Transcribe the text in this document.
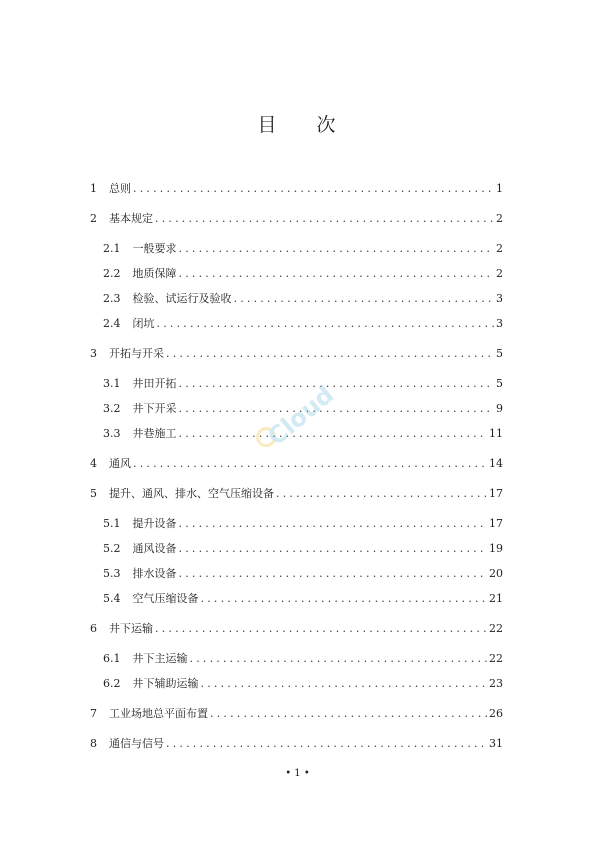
目 次
1 总则 .....	1
2 基本规定 .....	2
2.1 一般要求 .....	2
2.2 地质保障 .....	2
2.3 检验、试运行及验收 .....	3
2.4 闭坑 .....	3
3 开拓与开采 .....	5
3.1 井田开拓 .....	5
3.2 井下开采 .....	9
3.3 井巷施工 .....	11
4 通风 .....	14
5 提升、通风、排水、空气压缩设备 .....	17
5.1 提升设备 .....	17
5.2 通风设备 .....	19
5.3 排水设备 .....	20
5.4 空气压缩设备 .....	21
6 井下运输 .....	22
6.1 井下主运输 .....	22
6.2 井下辅助运输 .....	23
7 工业场地总平面布置 .....	26
8 通信与信号 .....	31
Cloud
• 1 •
